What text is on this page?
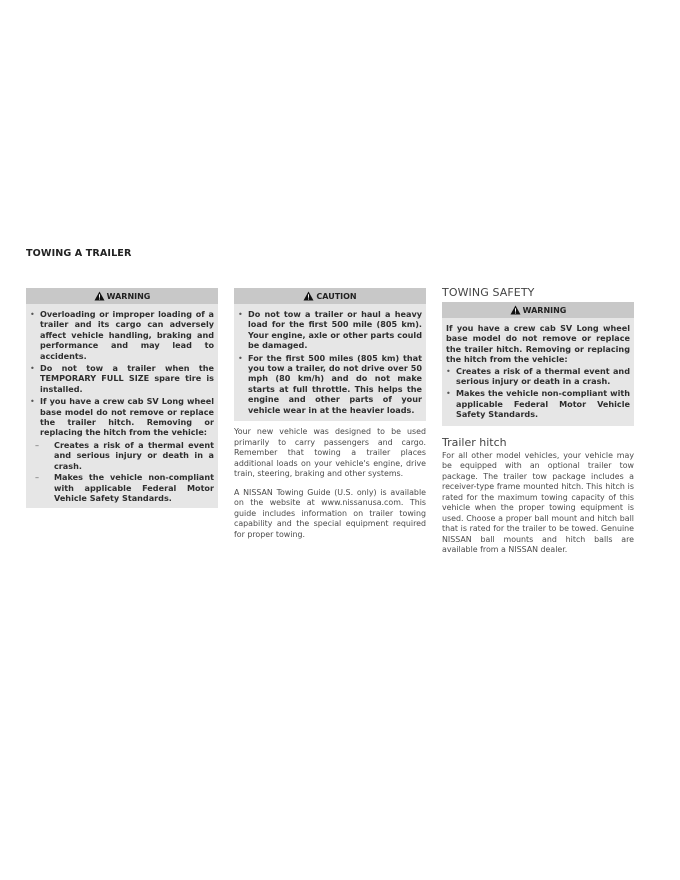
TOWING A TRAILER
WARNING
• Overloading or improper loading of a trailer and its cargo can adversely affect vehicle handling, braking and performance and may lead to accidents.
• Do not tow a trailer when the TEMPORARY FULL SIZE spare tire is installed.
• If you have a crew cab SV Long wheel base model do not remove or replace the trailer hitch. Removing or replacing the hitch from the vehicle:
– Creates a risk of a thermal event and serious injury or death in a crash.
– Makes the vehicle non-compliant with applicable Federal Motor Vehicle Safety Standards.
CAUTION
• Do not tow a trailer or haul a heavy load for the first 500 mile (805 km). Your engine, axle or other parts could be damaged.
• For the first 500 miles (805 km) that you tow a trailer, do not drive over 50 mph (80 km/h) and do not make starts at full throttle. This helps the engine and other parts of your vehicle wear in at the heavier loads.

Your new vehicle was designed to be used primarily to carry passengers and cargo. Remember that towing a trailer places additional loads on your vehicle's engine, drive train, steering, braking and other systems.

A NISSAN Towing Guide (U.S. only) is available on the website at www.nissanusa.com. This guide includes information on trailer towing capability and the special equipment required for proper towing.

TOWING SAFETY
WARNING
If you have a crew cab SV Long wheel base model do not remove or replace the trailer hitch. Removing or replacing the hitch from the vehicle:
• Creates a risk of a thermal event and serious injury or death in a crash.
• Makes the vehicle non-compliant with applicable Federal Motor Vehicle Safety Standards.
Trailer hitch

For all other model vehicles, your vehicle may be equipped with an optional trailer tow package. The trailer tow package includes a receiver-type frame mounted hitch. This hitch is rated for the maximum towing capacity of this vehicle when the proper towing equipment is used. Choose a proper ball mount and hitch ball that is rated for the trailer to be towed. Genuine NISSAN ball mounts and hitch balls are available from a NISSAN dealer.
